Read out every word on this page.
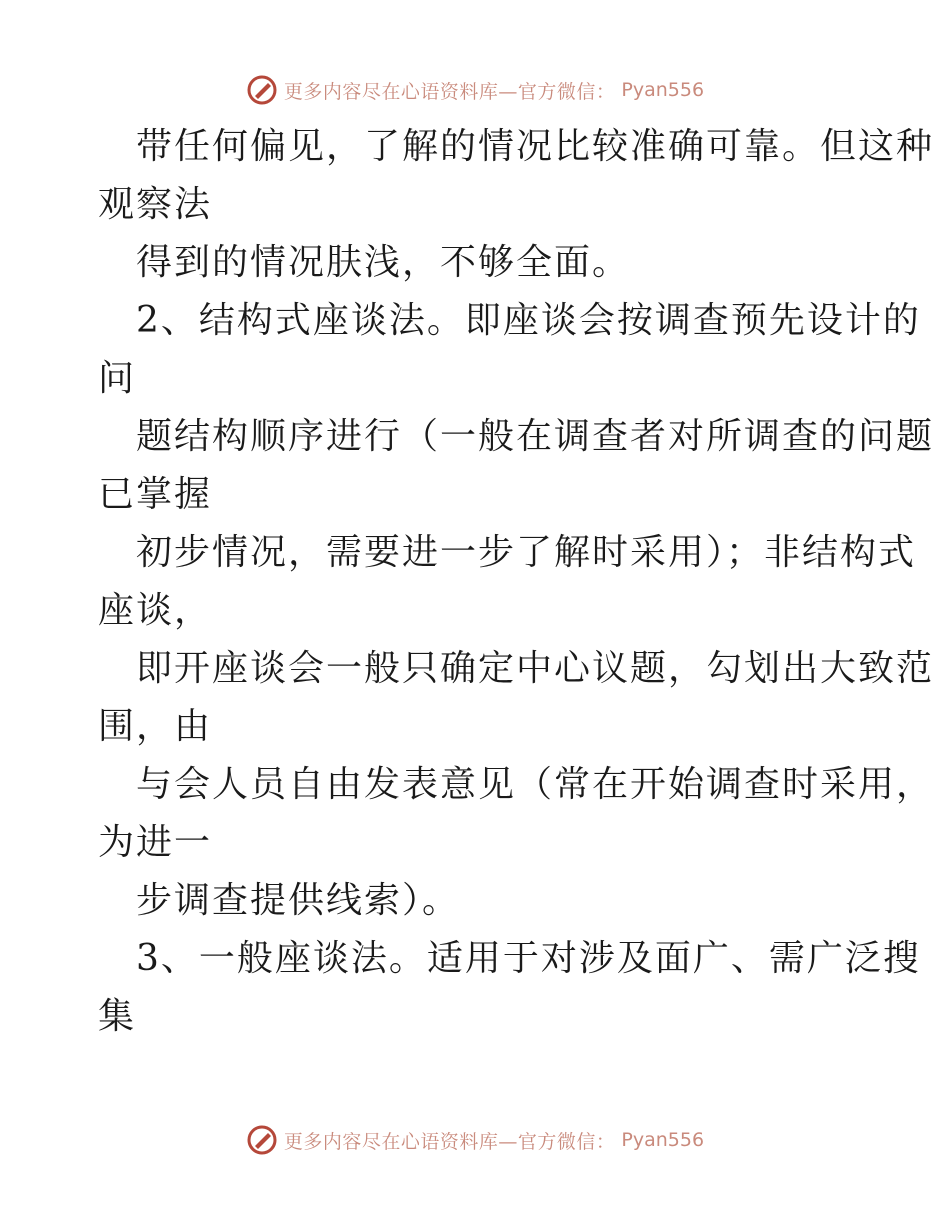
更多内容尽在心语资料库—官方微信： Pyan556

带任何偏见，了解的情况比较准确可靠。但这种

观察法

得到的情况肤浅，不够全面。

2、结构式座谈法。即座谈会按调查预先设计的

问

题结构顺序进行（一般在调查者对所调查的问题

已掌握

初步情况，需要进一步了解时采用）；非结构式

座谈，

即开座谈会一般只确定中心议题，勾划出大致范

围，由

与会人员自由发表意见（常在开始调查时采用，

为进一

步调查提供线索）。

3、一般座谈法。适用于对涉及面广、需广泛搜

集

更多内容尽在心语资料库—官方微信： Pyan556
